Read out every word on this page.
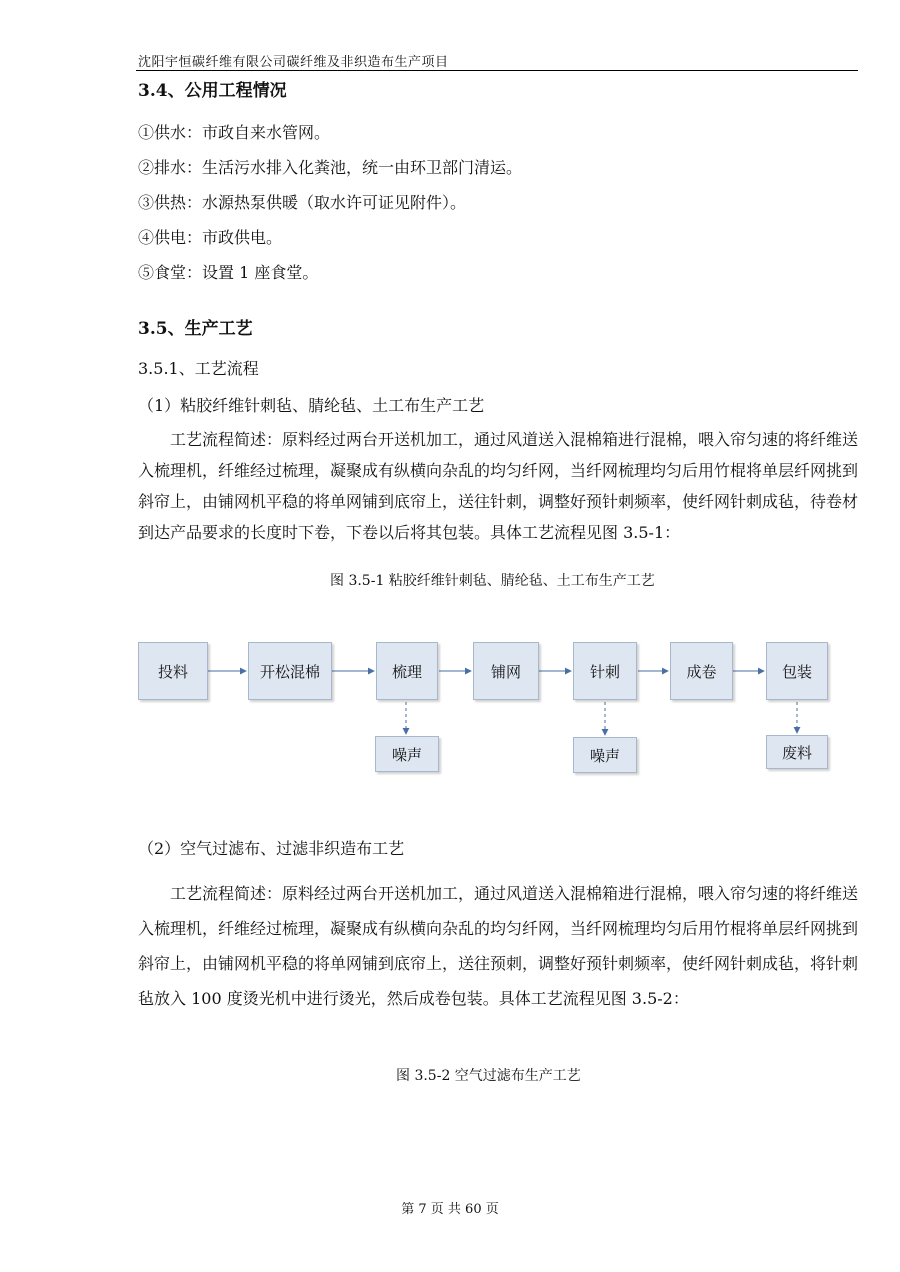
沈阳宇恒碳纤维有限公司碳纤维及非织造布生产项目
3.4、公用工程情况
①供水：市政自来水管网。
②排水：生活污水排入化粪池，统一由环卫部门清运。
③供热：水源热泵供暖（取水许可证见附件）。
④供电：市政供电。
⑤食堂：设置 1 座食堂。
3.5、生产工艺
3.5.1、工艺流程
（1）粘胶纤维针刺毡、腈纶毡、土工布生产工艺
工艺流程简述：原料经过两台开送机加工，通过风道送入混棉箱进行混棉，喂入帘匀速的将纤维送入梳理机，纤维经过梳理，凝聚成有纵横向杂乱的均匀纤网，当纤网梳理均匀后用竹棍将单层纤网挑到斜帘上，由铺网机平稳的将单网铺到底帘上，送往针刺，调整好预针刺频率，使纤网针刺成毡，待卷材到达产品要求的长度时下卷，下卷以后将其包装。具体工艺流程见图 3.5-1：
图 3.5-1 粘胶纤维针刺毡、腈纶毡、土工布生产工艺
投料	开松混棉	梳理	铺网	针刺	成卷	包装
噪声	噪声	废料
（2）空气过滤布、过滤非织造布工艺
工艺流程简述：原料经过两台开送机加工，通过风道送入混棉箱进行混棉，喂入帘匀速的将纤维送入梳理机，纤维经过梳理，凝聚成有纵横向杂乱的均匀纤网，当纤网梳理均匀后用竹棍将单层纤网挑到斜帘上，由铺网机平稳的将单网铺到底帘上，送往预刺，调整好预针刺频率，使纤网针刺成毡，将针刺毡放入 100 度烫光机中进行烫光，然后成卷包装。具体工艺流程见图 3.5-2：
图 3.5-2 空气过滤布生产工艺
第 7 页 共 60 页
